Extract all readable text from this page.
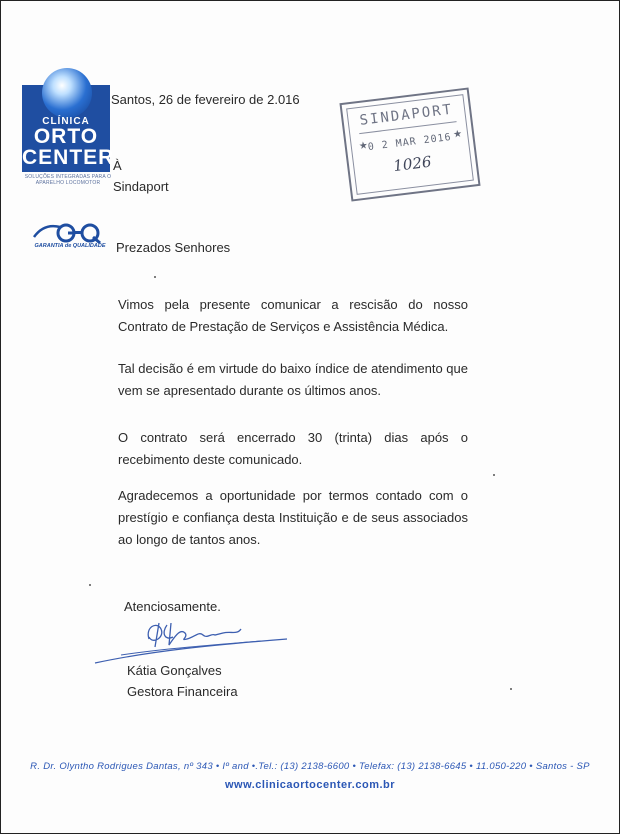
CLÍNICA
ORTO
CENTER
SOLUÇÕES INTEGRADAS PARA O APARELHO LOCOMOTOR
GARANTIA de QUALIDADE
Santos, 26 de fevereiro de 2.016
À
Sindaport
Prezados Senhores
Vimos pela presente comunicar a rescisão do nosso Contrato de Prestação de Serviços e Assistência Médica.
Tal decisão é em virtude do baixo índice de atendimento que vem se apresentado durante os últimos anos.
O contrato será encerrado 30 (trinta) dias após o recebimento deste comunicado.
Agradecemos a oportunidade por termos contado com o prestígio e confiança desta Instituição e de seus associados ao longo de tantos anos.
Atenciosamente.
Kátia Gonçalves
Gestora Financeira
SINDAPORT
★
0 2 MAR 2016 ★
1026
R. Dr. Olyntho Rodrigues Dantas, nº 343 • Iº and •.Tel.: (13) 2138-6600 • Telefax: (13) 2138-6645 • 11.050-220 • Santos - SP
www.clinicaortocenter.com.br
